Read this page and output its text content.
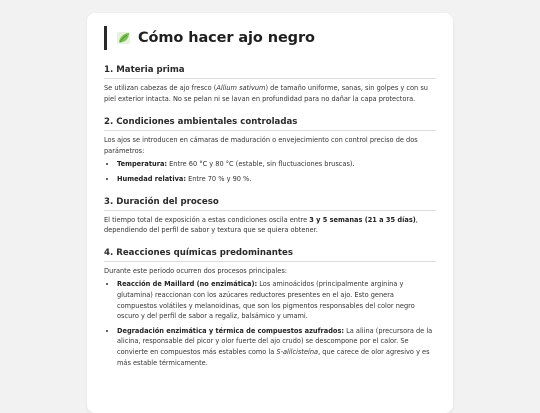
Cómo hacer ajo negro
1. Materia prima

Se utilizan cabezas de ajo fresco (Allium sativum) de tamaño uniforme, sanas, sin golpes y con su piel exterior intacta. No se pelan ni se lavan en profundidad para no dañar la capa protectora.

2. Condiciones ambientales controladas

Los ajos se introducen en cámaras de maduración o envejecimiento con control preciso de dos parámetros:

• Temperatura: Entre 60 °C y 80 °C (estable, sin fluctuaciones bruscas).
• Humedad relativa: Entre 70 % y 90 %.
3. Duración del proceso

El tiempo total de exposición a estas condiciones oscila entre 3 y 5 semanas (21 a 35 días), dependiendo del perfil de sabor y textura que se quiera obtener.

4. Reacciones químicas predominantes

Durante este periodo ocurren dos procesos principales:

• Reacción de Maillard (no enzimática): Los aminoácidos (principalmente arginina y glutamina) reaccionan con los azúcares reductores presentes en el ajo. Esto genera compuestos volátiles y melanoidinas, que son los pigmentos responsables del color negro oscuro y del perfil de sabor a regaliz, balsámico y umami.
• Degradación enzimática y térmica de compuestos azufrados: La aliina (precursora de la alicina, responsable del picor y olor fuerte del ajo crudo) se descompone por el calor. Se convierte en compuestos más estables como la S-alilcisteína, que carece de olor agresivo y es más estable térmicamente.
